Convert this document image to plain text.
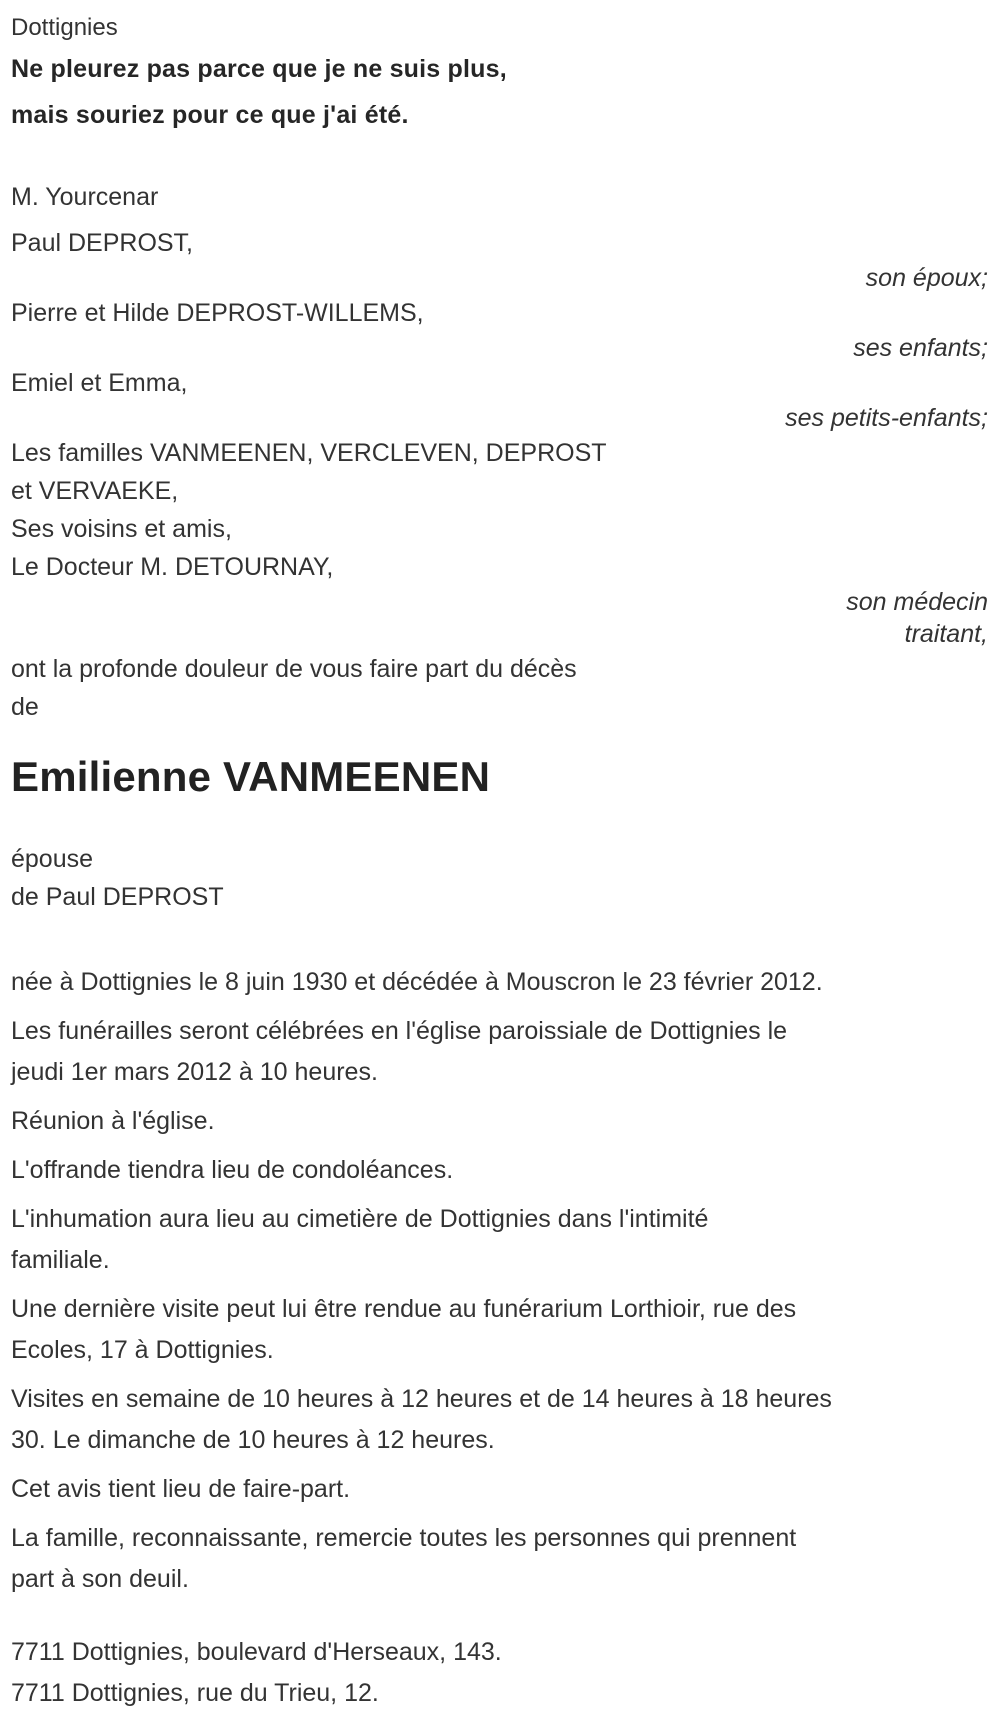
Dottignies
Ne pleurez pas parce que je ne suis plus,
mais souriez pour ce que j'ai été.
M. Yourcenar
Paul DEPROST,
son époux;
Pierre et Hilde DEPROST-WILLEMS,
ses enfants;
Emiel et Emma,
ses petits-enfants;
Les familles VANMEENEN, VERCLEVEN, DEPROST
et VERVAEKE,
Ses voisins et amis,
Le Docteur M. DETOURNAY,
son médecin
traitant,
ont la profonde douleur de vous faire part du décès
de
Emilienne VANMEENEN
épouse
de Paul DEPROST

née à Dottignies le 8 juin 1930 et décédée à Mouscron le 23 février 2012.

Les funérailles seront célébrées en l'église paroissiale de Dottignies le
jeudi 1er mars 2012 à 10 heures.

Réunion à l'église.

L'offrande tiendra lieu de condoléances.

L'inhumation aura lieu au cimetière de Dottignies dans l'intimité
familiale.

Une dernière visite peut lui être rendue au funérarium Lorthioir, rue des
Ecoles, 17 à Dottignies.

Visites en semaine de 10 heures à 12 heures et de 14 heures à 18 heures
30. Le dimanche de 10 heures à 12 heures.

Cet avis tient lieu de faire-part.

La famille, reconnaissante, remercie toutes les personnes qui prennent
part à son deuil.

7711 Dottignies, boulevard d'Herseaux, 143.
7711 Dottignies, rue du Trieu, 12.
